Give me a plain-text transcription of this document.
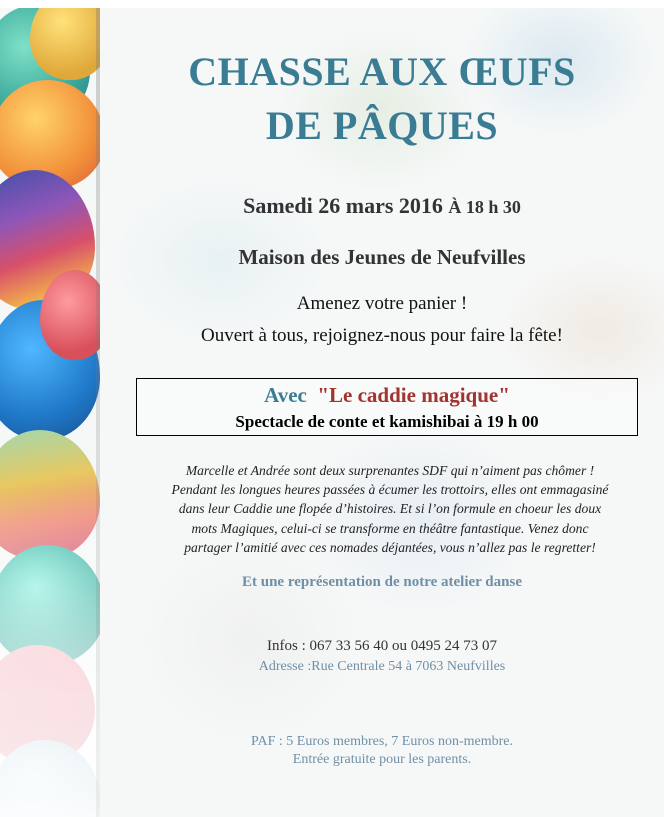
CHASSE AUX ŒUFS
DE PÂQUES
Samedi 26 mars 2016 À 18 h 30
Maison des Jeunes de Neufvilles
Amenez votre panier !
Ouvert à tous, rejoignez-nous pour faire la fête!
Avec "Le caddie magique"
Spectacle de conte et kamishibai à 19 h 00
Marcelle et Andrée sont deux surprenantes SDF qui n’aiment pas chômer !
Pendant les longues heures passées à écumer les trottoirs, elles ont emmagasiné
dans leur Caddie une flopée d’histoires. Et si l’on formule en choeur les doux
mots Magiques, celui-ci se transforme en théâtre fantastique. Venez donc
partager l’amitié avec ces nomades déjantées, vous n’allez pas le regretter!
Et une représentation de notre atelier danse
Infos : 067 33 56 40 ou 0495 24 73 07
Adresse :Rue Centrale 54 à 7063 Neufvilles
PAF : 5 Euros membres, 7 Euros non-membre.
Entrée gratuite pour les parents.
